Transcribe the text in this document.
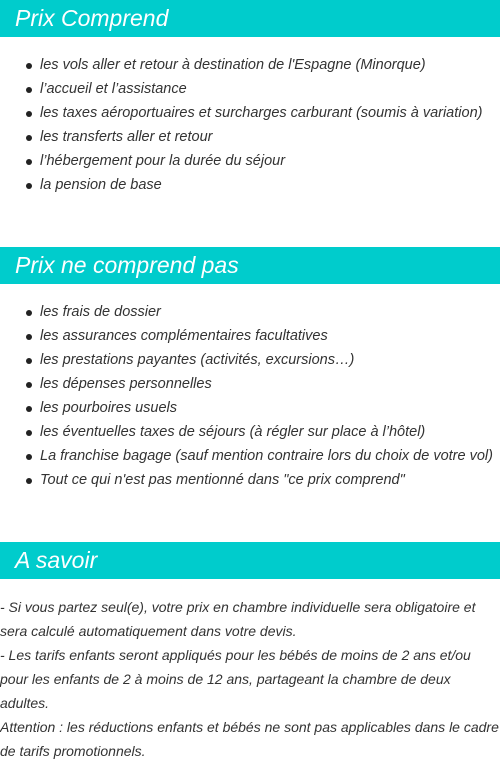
Prix Comprend
les vols aller et retour à destination de l'Espagne (Minorque)
l’accueil et l’assistance
les taxes aéroportuaires et surcharges carburant (soumis à variation)
les transferts aller et retour
l’hébergement pour la durée du séjour
la pension de base
Prix ne comprend pas
les frais de dossier
les assurances complémentaires facultatives
les prestations payantes (activités, excursions…)
les dépenses personnelles
les pourboires usuels
les éventuelles taxes de séjours (à régler sur place à l’hôtel)
La franchise bagage (sauf mention contraire lors du choix de votre vol)
Tout ce qui n'est pas mentionné dans "ce prix comprend"
A savoir

- Si vous partez seul(e), votre prix en chambre individuelle sera obligatoire et sera calculé automatiquement dans votre devis.

- Les tarifs enfants seront appliqués pour les bébés de moins de 2 ans et/ou pour les enfants de 2 à moins de 12 ans, partageant la chambre de deux adultes.

Attention : les réductions enfants et bébés ne sont pas applicables dans le cadre de tarifs promotionnels.
